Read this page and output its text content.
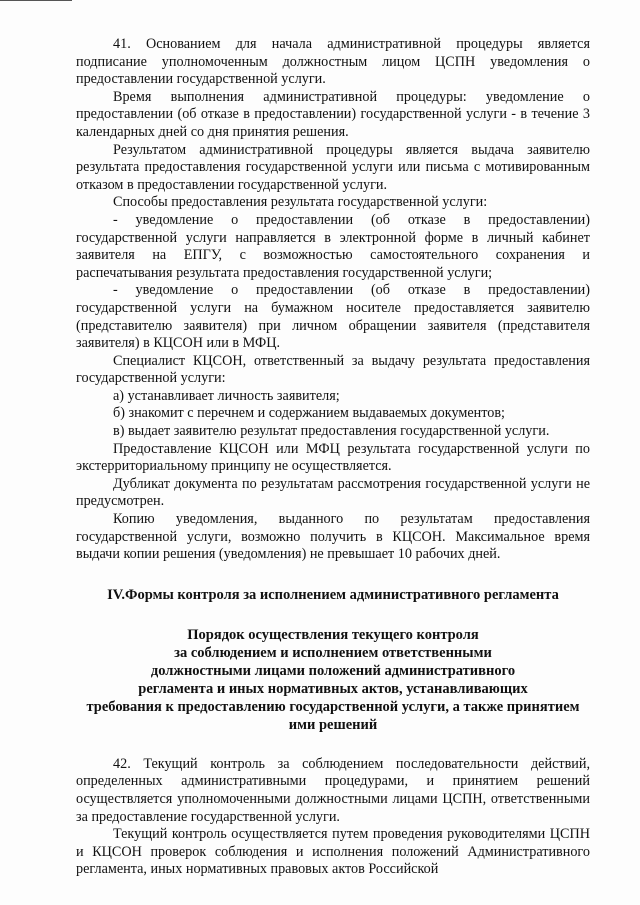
41. Основанием для начала административной процедуры является подписание уполномоченным должностным лицом ЦСПН уведомления о предоставлении государственной услуги.

Время выполнения административной процедуры: уведомление о предоставлении (об отказе в предоставлении) государственной услуги - в течение 3 календарных дней со дня принятия решения.

Результатом административной процедуры является выдача заявителю результата предоставления государственной услуги или письма с мотивированным отказом в предоставлении государственной услуги.

Способы предоставления результата государственной услуги:

- уведомление о предоставлении (об отказе в предоставлении) государственной услуги направляется в электронной форме в личный кабинет заявителя на ЕПГУ, с возможностью самостоятельного сохранения и распечатывания результата предоставления государственной услуги;

- уведомление о предоставлении (об отказе в предоставлении) государственной услуги на бумажном носителе предоставляется заявителю (представителю заявителя) при личном обращении заявителя (представителя заявителя) в КЦСОН или в МФЦ.

Специалист КЦСОН, ответственный за выдачу результата предоставления государственной услуги:

а) устанавливает личность заявителя;

б) знакомит с перечнем и содержанием выдаваемых документов;

в) выдает заявителю результат предоставления государственной услуги.

Предоставление КЦСОН или МФЦ результата государственной услуги по экстерриториальному принципу не осуществляется.

Дубликат документа по результатам рассмотрения государственной услуги не предусмотрен.

Копию уведомления, выданного по результатам предоставления государственной услуги, возможно получить в КЦСОН. Максимальное время выдачи копии решения (уведомления) не превышает 10 рабочих дней.

IV.Формы контроля за исполнением административного регламента
Порядок осуществления текущего контроля
за соблюдением и исполнением ответственными
должностными лицами положений административного
регламента и иных нормативных актов, устанавливающих
требования к предоставлению государственной услуги, а также принятием
ими решений

42. Текущий контроль за соблюдением последовательности действий, определенных административными процедурами, и принятием решений осуществляется уполномоченными должностными лицами ЦСПН, ответственными за предоставление государственной услуги.

Текущий контроль осуществляется путем проведения руководителями ЦСПН и КЦСОН проверок соблюдения и исполнения положений Административного регламента, иных нормативных правовых актов Российской
